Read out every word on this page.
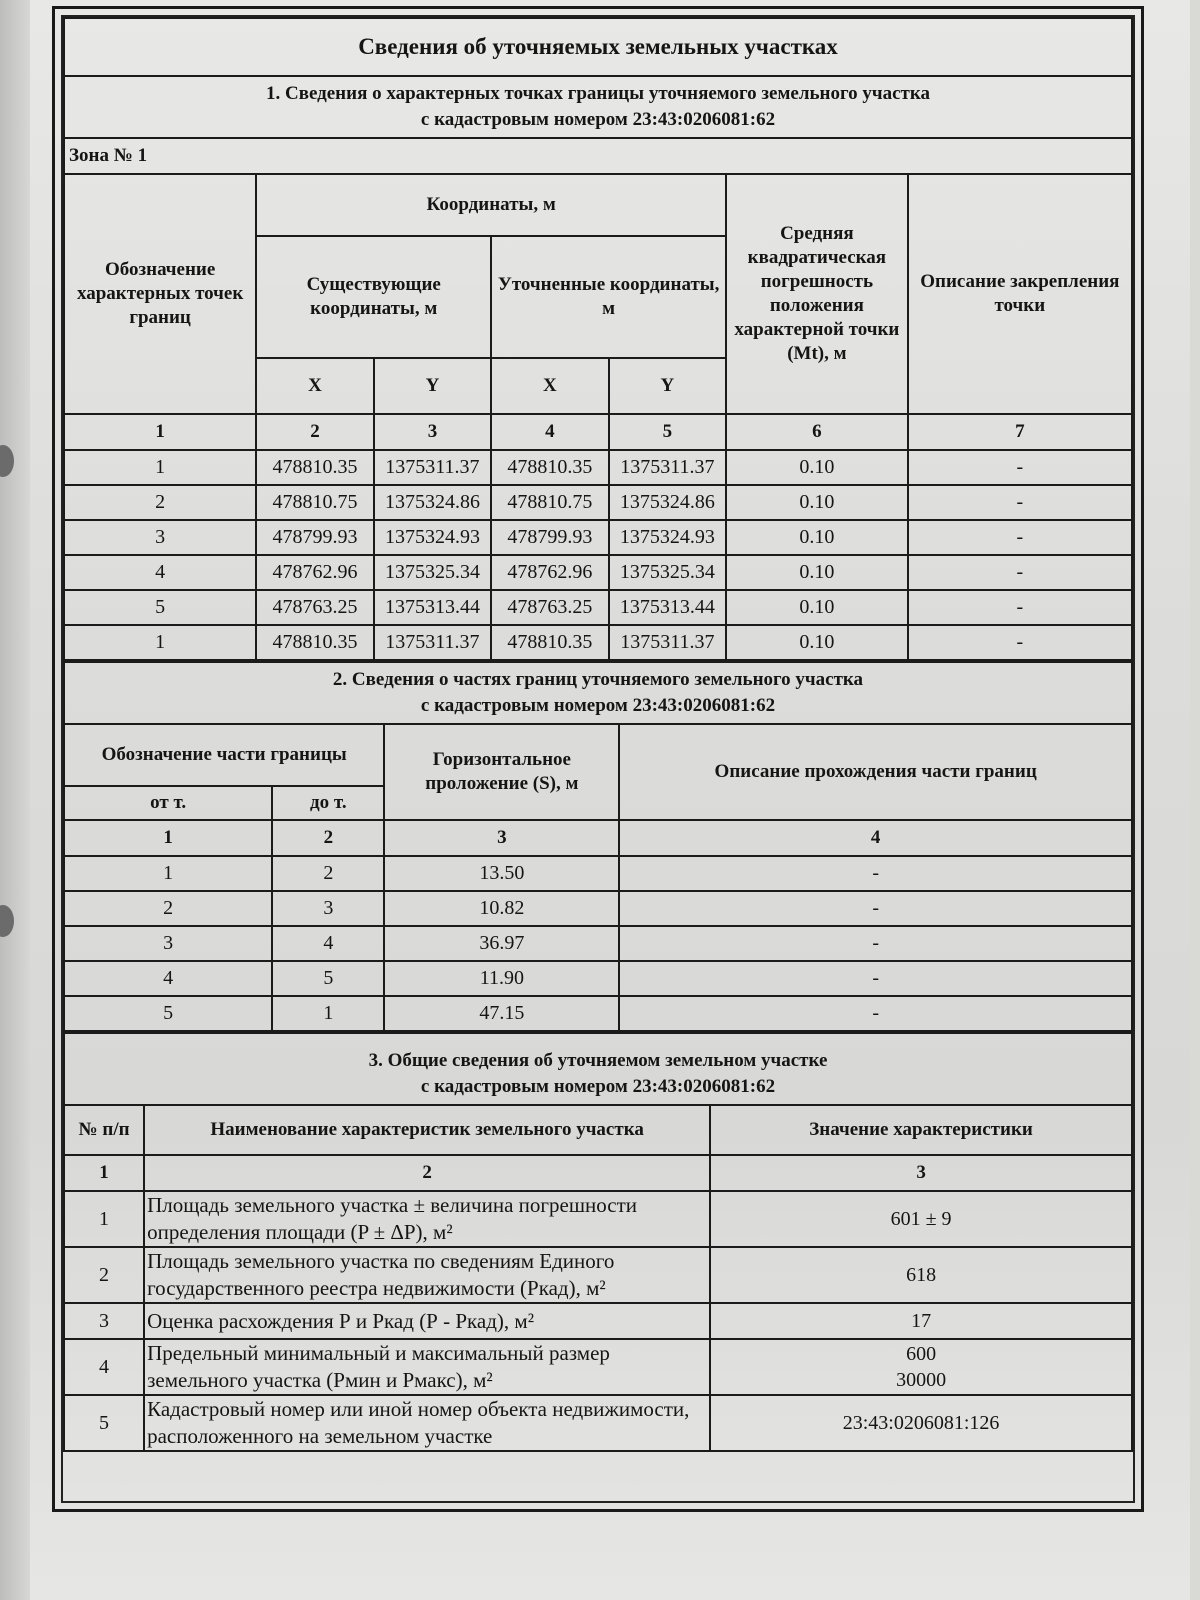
Сведения об уточняемых земельных участках						

1. Сведения о характерных точках границы уточняемого земельного участка
с кадастровым номером 23:43:0206081:62						

Зона № 1						
Обозначение характерных точек границ	Координаты, м				Средняя квадратическая погрешность положения характерной точки (Mt), м	Описание закрепления точки
	Существующие координаты, м		Уточненные координаты, м			
	X	Y	X	Y		
1	2	3	4	5	6	7
1	478810.35	1375311.37	478810.35	1375311.37	0.10	-
2	478810.75	1375324.86	478810.75	1375324.86	0.10	-
3	478799.93	1375324.93	478799.93	1375324.93	0.10	-
4	478762.96	1375325.34	478762.96	1375325.34	0.10	-
5	478763.25	1375313.44	478763.25	1375313.44	0.10	-
1	478810.35	1375311.37	478810.35	1375311.37	0.10	-
2. Сведения о частях границ уточняемого земельного участка
с кадастровым номером 23:43:0206081:62			

Обозначение части границы		Горизонтальное проложение (S), м	Описание прохождения части границ
от т.	до т.		
1	2	3	4
1	2	13.50	-
2	3	10.82	-
3	4	36.97	-
4	5	11.90	-
5	1	47.15	-
3. Общие сведения об уточняемом земельном участке
с кадастровым номером 23:43:0206081:62		

№ п/п	Наименование характеристик земельного участка	Значение характеристики
1	2	3
1	Площадь земельного участка ± величина погрешности определения площади (P ± ΔP), м²	601 ± 9
2	Площадь земельного участка по сведениям Единого государственного реестра недвижимости (Ркад), м²	618
3	Оценка расхождения Р и Ркад (Р - Ркад), м²	17
4	Предельный минимальный и максимальный размер земельного участка (Рмин и Рмакс), м²	600
30000

5	Кадастровый номер или иной номер объекта недвижимости, расположенного на земельном участке	23:43:0206081:126
